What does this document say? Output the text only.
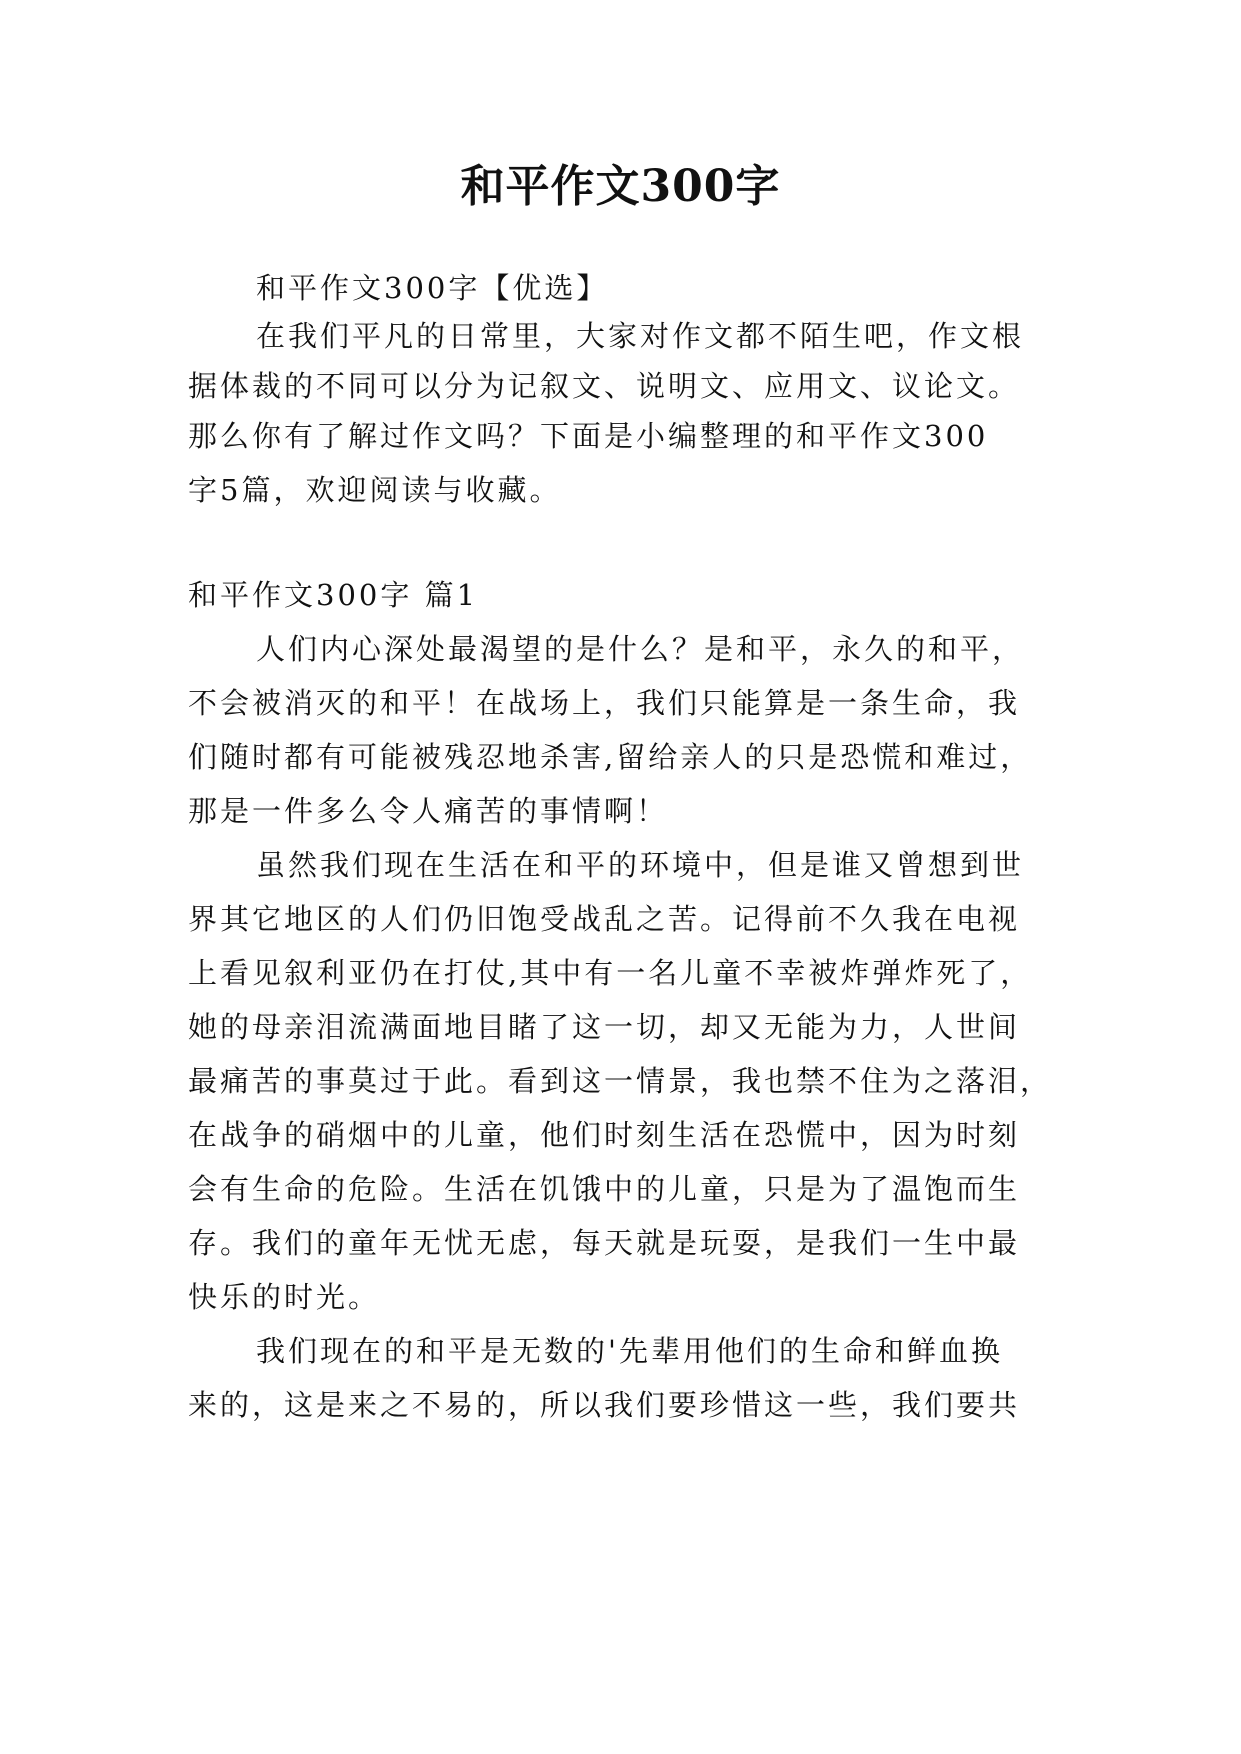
和平作文300字

和平作文300字【优选】

在我们平凡的日常里，大家对作文都不陌生吧，作文根

据体裁的不同可以分为记叙文、说明文、应用文、议论文。

那么你有了解过作文吗？下面是小编整理的和平作文300

字5篇，欢迎阅读与收藏。

和平作文300字 篇1

人们内心深处最渴望的是什么？是和平，永久的和平，

不会被消灭的和平！在战场上，我们只能算是一条生命，我

们随时都有可能被残忍地杀害,留给亲人的只是恐慌和难过，

那是一件多么令人痛苦的事情啊！

虽然我们现在生活在和平的环境中，但是谁又曾想到世

界其它地区的人们仍旧饱受战乱之苦。记得前不久我在电视

上看见叙利亚仍在打仗,其中有一名儿童不幸被炸弹炸死了，

她的母亲泪流满面地目睹了这一切，却又无能为力，人世间

最痛苦的事莫过于此。看到这一情景，我也禁不住为之落泪，

在战争的硝烟中的儿童，他们时刻生活在恐慌中，因为时刻

会有生命的危险。生活在饥饿中的儿童，只是为了温饱而生

存。我们的童年无忧无虑，每天就是玩耍，是我们一生中最

快乐的时光。

我们现在的和平是无数的'先辈用他们的生命和鲜血换

来的，这是来之不易的，所以我们要珍惜这一些，我们要共
